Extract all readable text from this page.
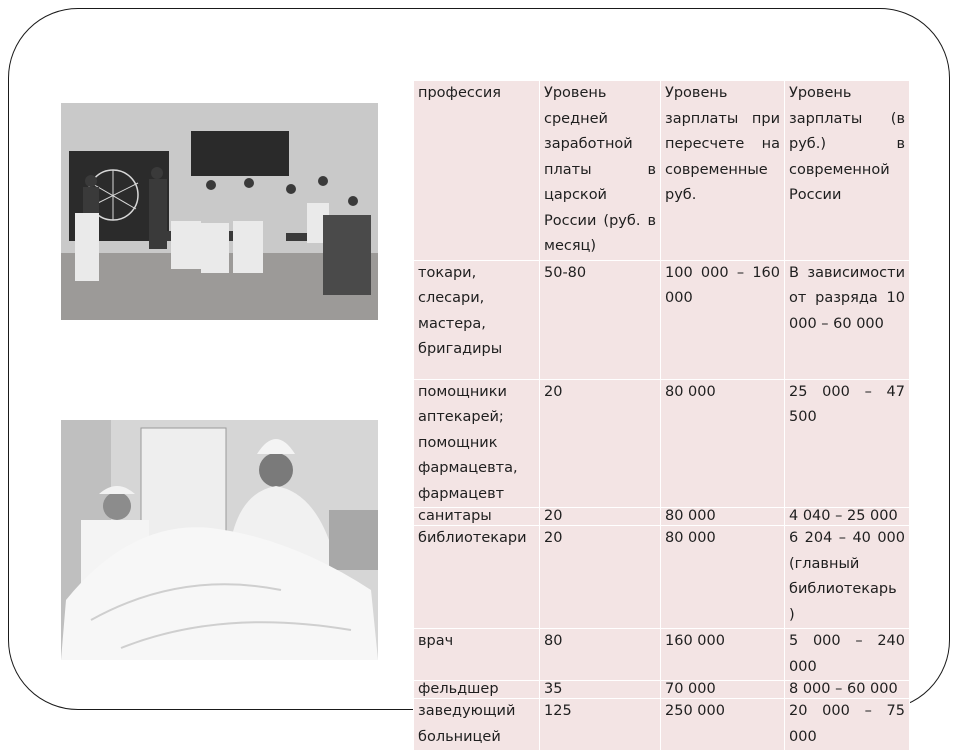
профессия	Уровень средней заработной платы в царской России (руб. в месяц)	Уровень зарплаты при пересчете на современные руб.	Уровень зарплаты (в руб.) в современной России
токари, слесари, мастера, бригадиры	50-80	100 000 – 160 000	В зависимости от разряда 10 000 – 60 000
помощники аптекарей; помощник фармацевта, фармацевт	20	80 000	25 000 – 47 500
санитары	20	80 000	4 040 – 25 000
библиотекари	20	80 000	6 204 – 40 000 (главный библиотекарь )
врач	80	160 000	5 000 – 240 000
фельдшер	35	70 000	8 000 – 60 000
заведующий больницей	125	250 000	20 000 – 75 000
